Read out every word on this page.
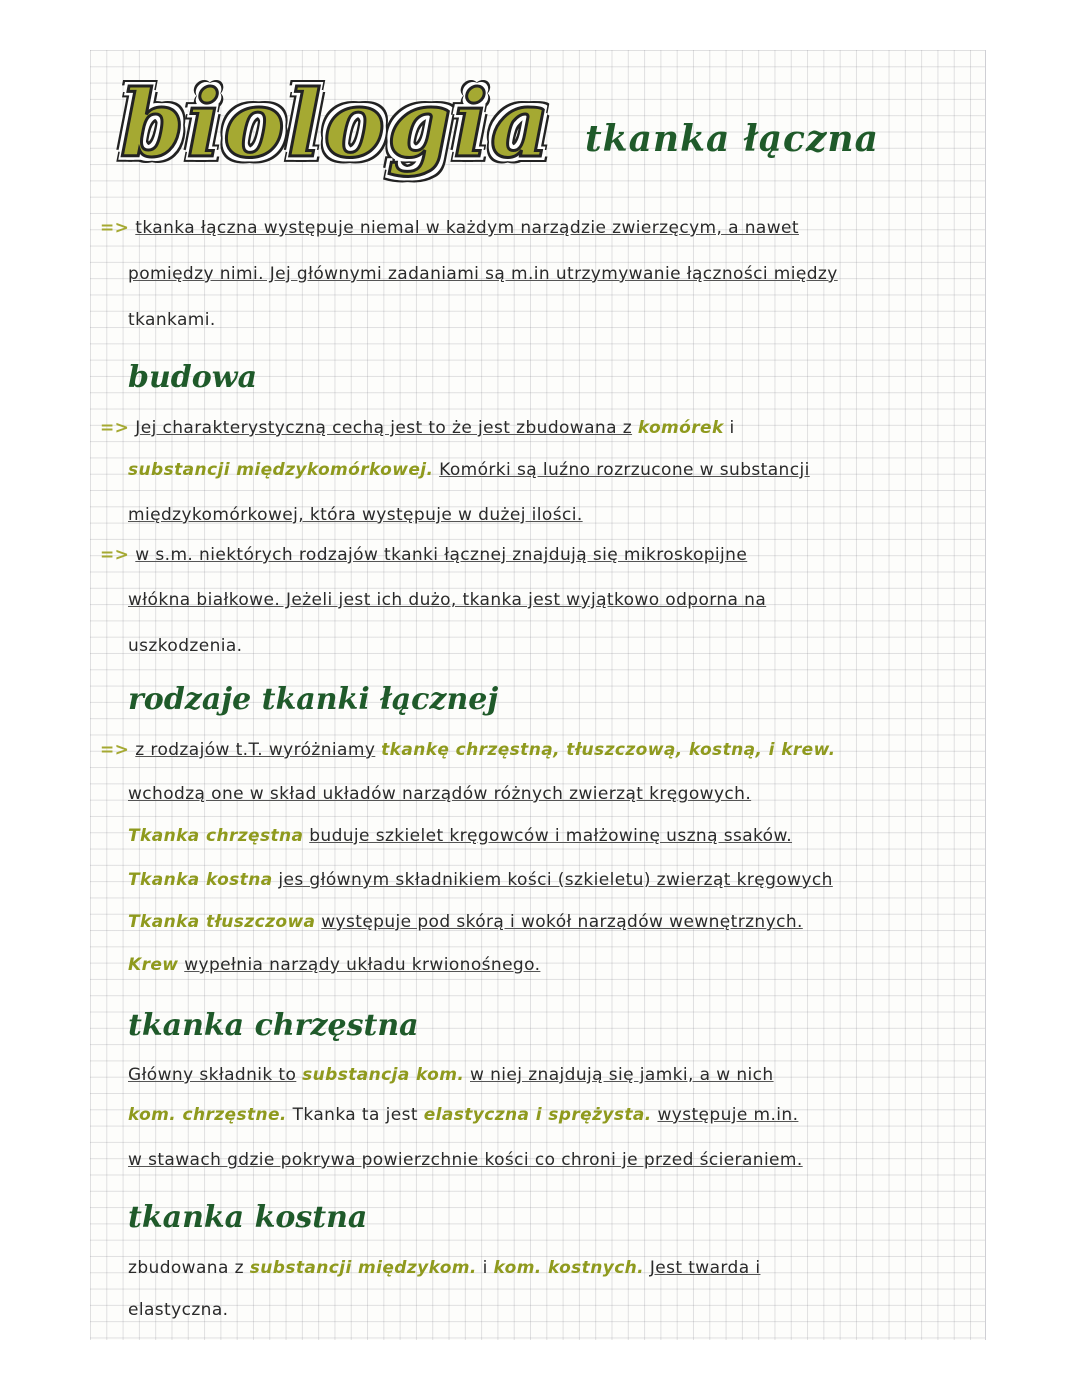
biologia tkanka łączna
=> tkanka łączna występuje niemal w każdym narządzie zwierzęcym, a nawet
pomiędzy nimi. Jej głównymi zadaniami są m.in utrzymywanie łączności między
tkankami.
budowa
=> Jej charakterystyczną cechą jest to że jest zbudowana z komórek i
substancji międzykomórkowej. Komórki są luźno rozrzucone w substancji
międzykomórkowej, która występuje w dużej ilości.
=> w s.m. niektórych rodzajów tkanki łącznej znajdują się mikroskopijne
włókna białkowe. Jeżeli jest ich dużo, tkanka jest wyjątkowo odporna na
uszkodzenia.
rodzaje tkanki łącznej
=> z rodzajów t.T. wyróżniamy tkankę chrzęstną, tłuszczową, kostną, i krew.
wchodzą one w skład układów narządów różnych zwierząt kręgowych.
Tkanka chrzęstna buduje szkielet kręgowców i małżowinę uszną ssaków.
Tkanka kostna jes głównym składnikiem kości (szkieletu) zwierząt kręgowych
Tkanka tłuszczowa występuje pod skórą i wokół narządów wewnętrznych.
Krew wypełnia narządy układu krwionośnego.
tkanka chrzęstna
Główny składnik to substancja kom. w niej znajdują się jamki, a w nich
kom. chrzęstne. Tkanka ta jest elastyczna i sprężysta. występuje m.in.
w stawach gdzie pokrywa powierzchnie kości co chroni je przed ścieraniem.
tkanka kostna
zbudowana z substancji międzykom. i kom. kostnych. Jest twarda i
elastyczna.
